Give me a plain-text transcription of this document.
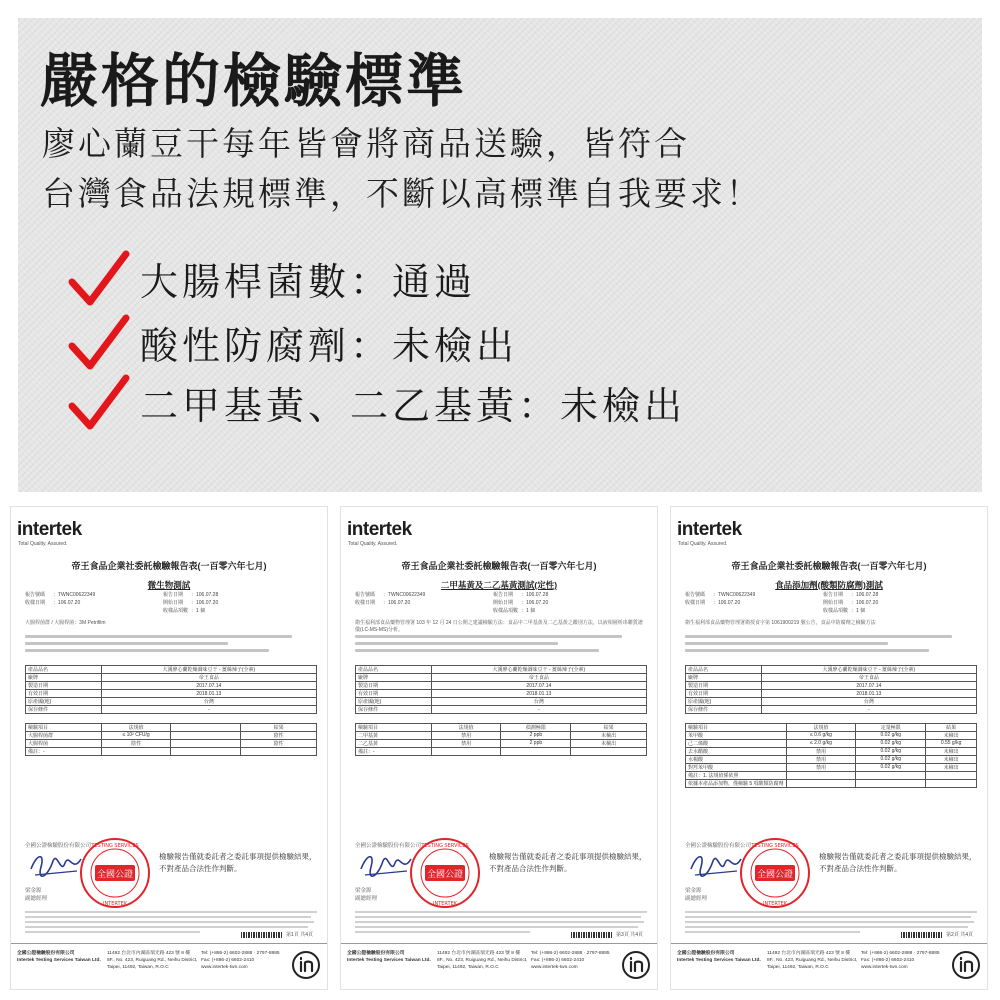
嚴格的檢驗標準
廖心蘭豆干每年皆會將商品送驗，皆符合
台灣食品法規標準，不斷以高標準自我要求！
大腸桿菌數：通過
酸性防腐劑：未檢出
二甲基黃、二乙基黃：未檢出
intertek
Total Quality. Assured.
帝王食品企業社委託檢驗報告表(一百零六年七月)
微生物測試
報告號碼	：TWNC00622349	報告日期	：106.07.28
收樣日期	：106.07.20	開始日期	：106.07.20
收樣品項數 ：1 個
大腸桿菌群 / 大腸桿菌：3M Petrifilm
產品品名	大溪廖心蘭乾燥調味豆干 - 薑絲辣子(全素)
廠牌	帝王食品
製造日期	2017.07.14
有效日期	2018.01.13
原產國(地)	台灣
保存條件	-
檢驗項目	法規值		結果
大腸桿菌群	≤ 10² CFU/g		陰性
大腸桿菌	陰性		陰性
備註：-			
全國公證檢驗股份有限公司
梁金源
副總經理
全國公證
TESTING SERVICES
INTERTEK
檢驗報告僅就委託者之委託事項提供檢驗結果，不對產品合法性作判斷。
第1頁 共4頁
全國公證檢驗股份有限公司
Intertek Testing Services Taiwan Ltd.
11492 台北市內湖區瑞光路 423 號 8 樓
8F., No. 423, Ruiguang Rd., Neihu District,
Taipei, 11492, Taiwan, R.O.C
Tel: (+886-2) 6602-2888 · 2797-8885
Fax: (+886-2) 6602-2410
www.intertek-twn.com
intertek
Total Quality. Assured.
帝王食品企業社委託檢驗報告表(一百零六年七月)
二甲基黃及二乙基黃測試(定性)
報告號碼	：TWNC00622349	報告日期	：106.07.28
收樣日期	：106.07.20	開始日期	：106.07.20
收樣品項數 ：1 個
衛生福利部食品藥物管理署 103 年 12 月 24 日公開之建議檢驗方法：食品中二甲基黃及二乙基黃之鑑別方法，以液相層析串聯質譜儀(LC-MS-MS)分析。
產品品名	大溪廖心蘭乾燥調味豆干 - 薑絲辣子(全素)
廠牌	帝王食品
製造日期	2017.07.14
有效日期	2018.01.13
原產國(地)	台灣
保存條件	-
檢驗項目	法規值	偵測極限	結果
二甲基黃	禁用	2 ppb	未檢出
二乙基黃	禁用	2 ppb	未檢出
備註：-			
全國公證檢驗股份有限公司
梁金源
副總經理
全國公證
TESTING SERVICES
INTERTEK
檢驗報告僅就委託者之委託事項提供檢驗結果，不對產品合法性作判斷。
第3頁 共4頁
全國公證檢驗股份有限公司
Intertek Testing Services Taiwan Ltd.
11492 台北市內湖區瑞光路 423 號 8 樓
8F., No. 423, Ruiguang Rd., Neihu District,
Taipei, 11492, Taiwan, R.O.C
Tel: (+886-2) 6602-2888 · 2797-8885
Fax: (+886-2) 6602-2410
www.intertek-twn.com
intertek
Total Quality. Assured.
帝王食品企業社委託檢驗報告表(一百零六年七月)
食品添加劑(酸類防腐劑)測試
報告號碼	：TWNC00622349	報告日期	：106.07.28
收樣日期	：106.07.20	開始日期	：106.07.20
收樣品項數 ：1 個
衛生福利部食品藥物管理署衛授食字第 1061900219 號公告，食品中防腐劑之檢驗方法
產品品名	大溪廖心蘭乾燥調味豆干 - 薑絲辣子(全素)
廠牌	帝王食品
製造日期	2017.07.14
有效日期	2018.01.13
原產國(地)	台灣
保存條件	-
檢驗項目	法規值	定量極限	結果
苯甲酸	≤ 0.6 g/kg	0.02 g/kg	未檢出
己二烯酸	≤ 2.0 g/kg	0.02 g/kg	0.55 g/kg
去水醋酸	禁用	0.02 g/kg	未檢出
水楊酸	禁用	0.02 g/kg	未檢出
對羥苯甲酸	禁用	0.02 g/kg	未檢出
備註：1. 法規值係依照			
依據本產品添加物，僅檢驗 5 項酸類防腐劑			
全國公證檢驗股份有限公司
梁金源
副總經理
全國公證
TESTING SERVICES
INTERTEK
檢驗報告僅就委託者之委託事項提供檢驗結果，不對產品合法性作判斷。
第2頁 共4頁
全國公證檢驗股份有限公司
Intertek Testing Services Taiwan Ltd.
11492 台北市內湖區瑞光路 423 號 8 樓
8F., No. 423, Ruiguang Rd., Neihu District,
Taipei, 11492, Taiwan, R.O.C
Tel: (+886-2) 6602-2888 · 2797-8885
Fax: (+886-2) 6602-2410
www.intertek-twn.com
